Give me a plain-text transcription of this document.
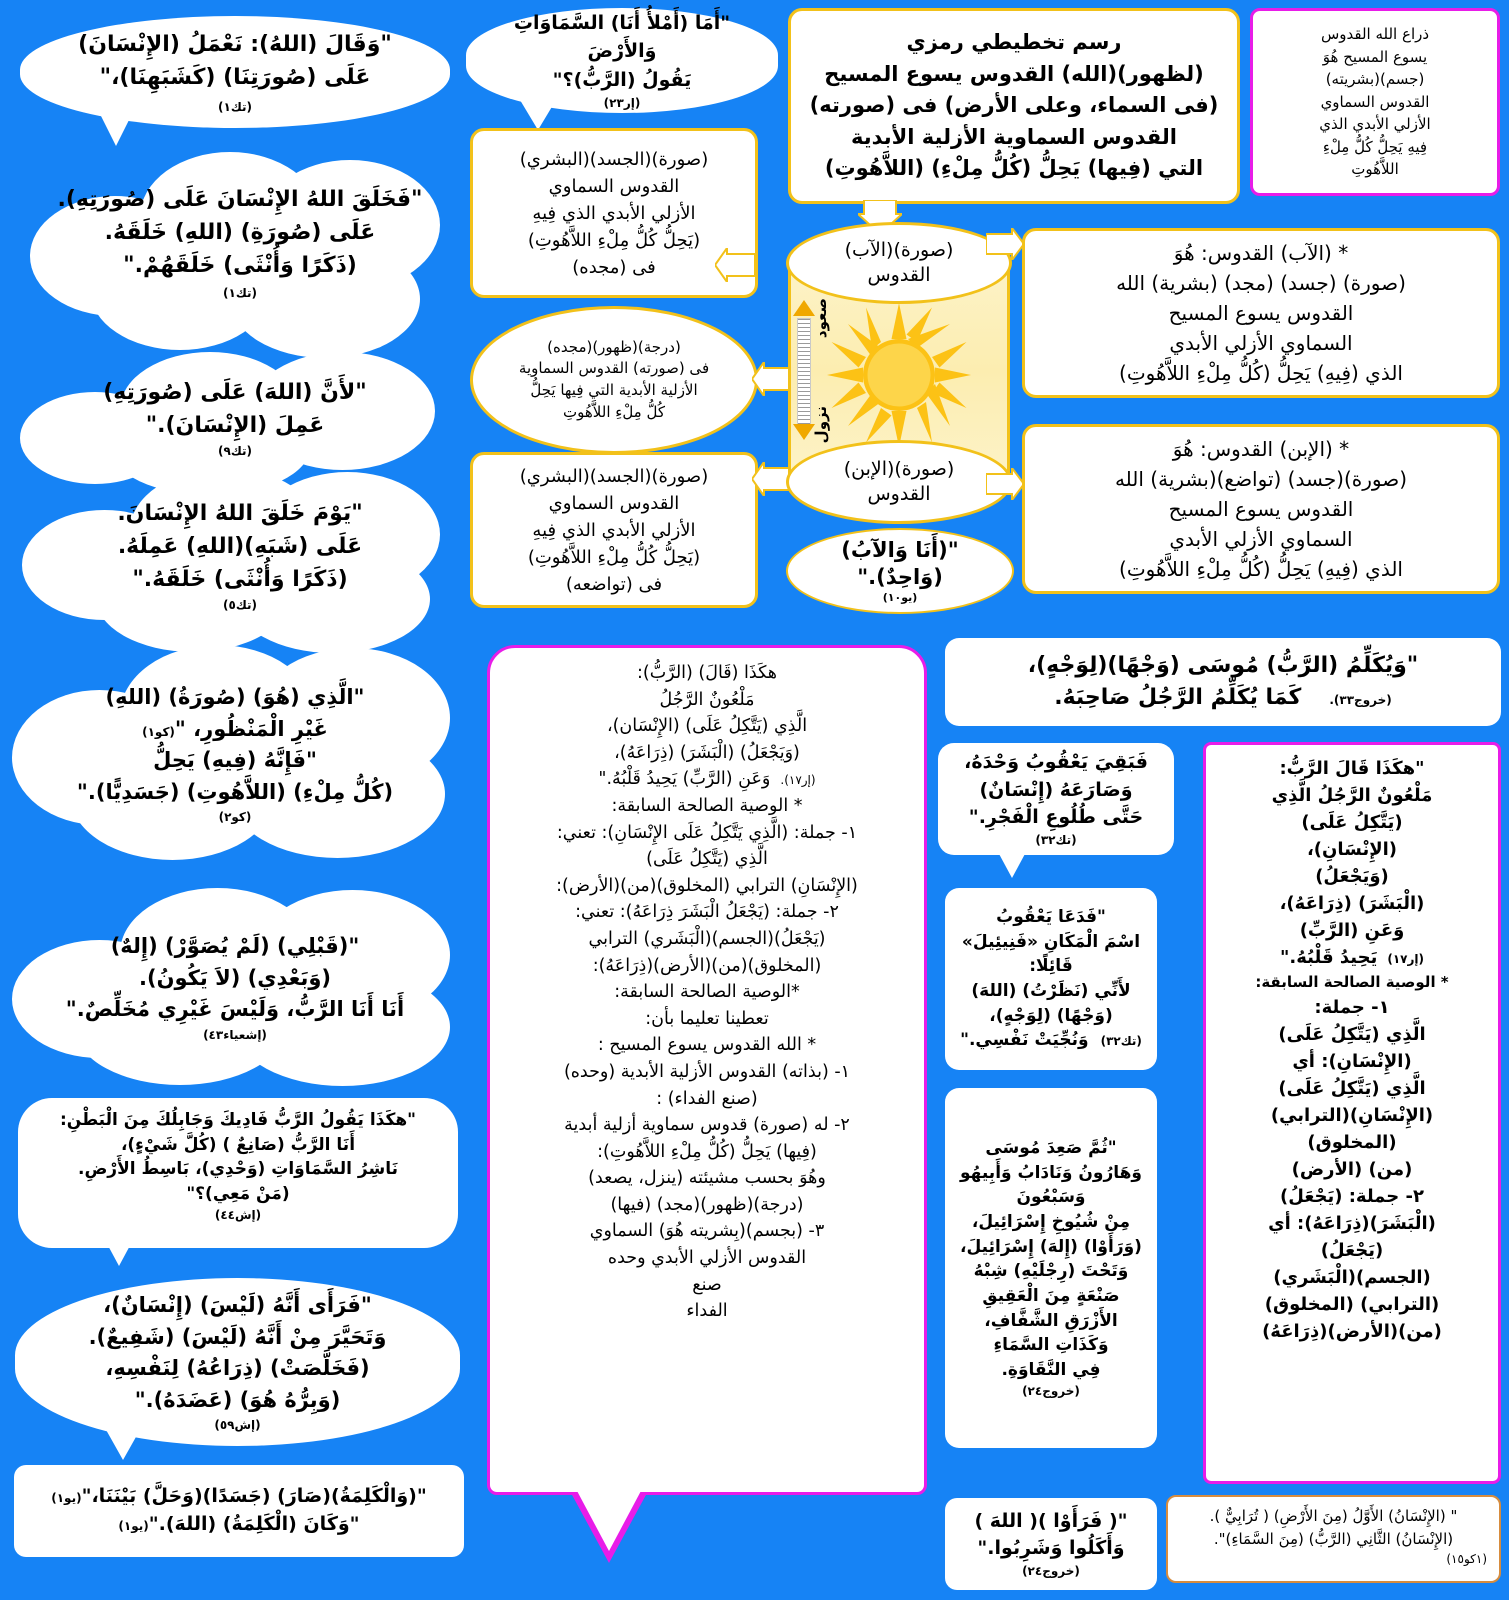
"وَقَالَ (اللهُ): نَعْمَلُ (الإِنْسَانَ)
عَلَى (صُورَتِنَا) (كَشَبَهِنَا)،"
(تك١)
"فَخَلَقَ اللهُ الإِنْسَانَ عَلَى (صُورَتِهِ).
عَلَى (صُورَةِ) (اللهِ) خَلَقَهُ.
(ذَكَرًا وَأُنْثَى) خَلَقَهُمْ."
(تك١)
"لأَنَّ (اللهَ) عَلَى (صُورَتِهِ)
عَمِلَ (الإِنْسَانَ)."
(تك٩)
"يَوْمَ خَلَقَ اللهُ الإِنْسَانَ.
عَلَى (شَبَهِ)(اللهِ) عَمِلَهُ.
(ذَكَرًا وَأُنْثَى) خَلَقَهُ."
(تك٥)
"الَّذِي (هُوَ) (صُورَةُ) (اللهِ)
غَيْرِ الْمَنْظُورِ، "(كو١)
"فَإِنَّهُ (فِيهِ) يَحِلُّ
(كُلُّ مِلْءِ) (اللاَّهُوتِ) (جَسَدِيًّا)."
(كو٢)
"(قَبْلِي) (لَمْ يُصَوَّرْ) (إِلهٌ)
(وَبَعْدِي) (لاَ يَكُونُ).
أَنَا أَنَا الرَّبُّ، وَلَيْسَ غَيْرِي مُخَلِّصٌ."
(إشعياء٤٣)
"هكَذَا يَقُولُ الرَّبُّ فَادِيكَ وَجَابِلُكَ مِنَ الْبَطْنِ:
أَنَا الرَّبُّ (صَانِعٌ ) (كُلَّ شَيْءٍ)،
نَاشِرُ السَّمَاوَاتِ (وَحْدِي)، بَاسِطُ الأَرْضِ.
(مَنْ مَعِي)؟"
(إش٤٤)
"فَرَأَى أَنَّهُ (لَيْسَ) (إِنْسَانٌ)،
وَتَحَيَّرَ مِنْ أَنَّهُ (لَيْسَ) (شَفِيعٌ).
(فَخَلَّصَتْ) (ذِرَاعُهُ) لِنَفْسِهِ،
(وَبِرُّهُ هُوَ) (عَضَدَهُ)."
(إش٥٩)
"(وَالْكَلِمَةُ)(صَارَ) (جَسَدًا)(وَحَلَّ) بَيْنَنَا،"(يو١)
"وَكَانَ (الْكَلِمَةُ) (اللهَ)."(يو١)
"أَمَا (أَمْلأُ أَنَا) السَّمَاوَاتِ وَالأَرْضَ
يَقُولُ (الرَّبُّ)؟"
(إر٢٣)
رسم تخطيطي رمزي
(لظهور)(الله) القدوس يسوع المسيح
(فى السماء، وعلى الأرض) فى (صورته)
القدوس السماوية الأزلية الأبدية
التي (فِيها) يَحِلُّ (كُلُّ مِلْءِ) (اللاَّهُوتِ)
ذراع الله القدوس
يسوع المسيح هُوَ
(جسم)(بشريته)
القدوس السماوي
الأزلي الأبدي الذي
فِيهِ يَحِلُّ كُلُّ مِلْءِ
اللاَّهُوتِ
(صورة)(الجسد)(البشري)
القدوس السماوي
الأزلي الأبدي الذي فِيهِ
(يَحِلُّ كُلُّ مِلْءِ اللاَّهُوتِ)
فى (مجده)
(درجة)(ظهور)(مجده)
فى (صورته) القدوس السماوية
الأزلية الأبدية التي فِيها يَحِلُّ
كُلُّ مِلْءِ اللاَّهُوتِ
(صورة)(الجسد)(البشري)
القدوس السماوي
الأزلي الأبدي الذي فِيهِ
(يَحِلُّ كُلُّ مِلْءِ اللاَّهُوتِ)
فى (تواضعه)
(صورة)(الآب)
القدوس
(صورة)(الإبن)
القدوس
صعود
نزول
"(أَنَا وَالآبُ)
(وَاحِدٌ)."
(يو١٠)
* (الآب) القدوس: هُوَ
(صورة) (جسد) (مجد) (بشرية) الله
القدوس يسوع المسيح
السماوي الأزلي الأبدي
الذي (فِيهِ) يَحِلُّ (كُلُّ مِلْءِ اللاَّهُوتِ)
* (الإبن) القدوس: هُوَ
(صورة)(جسد) (تواضع)(بشرية) الله
القدوس يسوع المسيح
السماوي الأزلي الأبدي
الذي (فِيهِ) يَحِلُّ (كُلُّ مِلْءِ اللاَّهُوتِ)
"وَيُكَلِّمُ (الرَّبُّ) مُوسَى (وَجْهًا)(لِوَجْهٍ)،
(خروج٣٣).
كَمَا يُكَلِّمُ الرَّجُلُ صَاحِبَهُ.
هكَذَا (قَالَ) (الرَّبُّ):
مَلْعُونٌ الرَّجُلُ
الَّذِي (يَتَّكِلُ عَلَى) (الإِنْسَان)،
(وَيَجْعَلُ) (الْبَشَرَ) (ذِرَاعَهُ)،
(إر١٧).
وَعَنِ (الرَّبِّ) يَحِيدُ قَلْبُهُ."
* الوصية الصالحة السابقة:
١- جملة: (الَّذِي يَتَّكِلُ عَلَى الإِنْسَانِ): تعني:
الَّذِي (يَتَّكِلُ عَلَى)
(الإِنْسَانِ) الترابي (المخلوق)(من)(الأرض):
٢- جملة: (يَجْعَلُ الْبَشَرَ ذِرَاعَهُ): تعني:
(يَجْعَلُ)(الجسم)(الْبَشَري) الترابي
(المخلوق)(من)(الأرض)(ذِرَاعَهُ):
*الوصية الصالحة السابقة:
تعطينا تعليما بأن:
* الله القدوس يسوع المسيح :
١- (بذاته) القدوس الأزلية الأبدية (وحده)
(صنع الفداء) :
٢- له (صورة) قدوس سماوية أزلية أبدية
(فِيها) يَحِلُّ (كُلُّ مِلْءِ اللاَّهُوتِ):
وهُوَ بحسب مشيئته (ينزل، يصعد)
(درجة)(ظهور)(مجد) (فيها)
٣- (بجسم)(بِشريته هُوَ) السماوي
القدوس الأزلي الأبدي وحده
صنع
الفداء
فَبَقِيَ يَعْقُوبُ وَحْدَهُ،
وَصَارَعَهُ (إِنْسَانٌ)
حَتَّى طُلُوعِ الْفَجْرِ."
(تك٣٢)
"فَدَعَا يَعْقُوبُ
اسْمَ الْمَكَانِ «فَنِيئِيلَ»
قَائِلًا:
لأَنِّي (نَظَرْتُ) (اللهَ)
(وَجْهًا) (لِوَجْهٍ)،
(تك٣٢)
وَنُجِّيَتْ نَفْسِي."
"ثُمَّ صَعِدَ مُوسَى
وَهَارُونُ وَنَادَابُ وَأَبِيهُو
وَسَبْعُونَ
مِنْ شُيُوخِ إِسْرَائِيلَ،
(وَرَأَوْا) (إِلهَ) إِسْرَائِيلَ،
وَتَحْتَ (رِجْلَيْهِ) شِبْهُ
صَنْعَةٍ مِنَ الْعَقِيقِ
الأَزْرَقِ الشَّفَّافِ،
وَكَذَاتِ السَّمَاءِ
فِي النَّقَاوَةِ.
(خروج٢٤)
"( فَرَأَوْا )( اللهَ )
وَأَكَلُوا وَشَرِبُوا."
(خروج٢٤)
"هكَذَا قَالَ الرَّبُّ:
مَلْعُونٌ الرَّجُلُ الَّذِي
(يَتَّكِلُ عَلَى)
(الإِنْسَانِ)،
(وَيَجْعَلُ)
(الْبَشَرَ) (ذِرَاعَهُ)،
وَعَنِ (الرَّبِّ)
(إر١٧)
يَحِيدُ قَلْبُهُ."
* الوصية الصالحة السابقة:
١- جملة:
الَّذِي (يَتَّكِلُ عَلَى)
(الإِنْسَانِ): أي
الَّذِي (يَتَّكِلُ عَلَى)
(الإِنْسَانِ)(الترابي)
(المخلوق)
(من) (الأرض)
٢- جملة: (يَجْعَلُ)
(الْبَشَرَ)(ذِرَاعَهُ): أي
(يَجْعَلُ)
(الجسم)(الْبَشَري)
(الترابي) (المخلوق)
(من)(الأرض)(ذِرَاعَهُ)
" (الإِنْسَانُ) الأَوَّلُ (مِنَ الأَرْضِ) ( تُرَابِيٌّ ).
(الإِنْسَانُ) الثَّانِي (الرَّبُّ) (مِنَ السَّمَاءِ)".
(١كو١٥)
